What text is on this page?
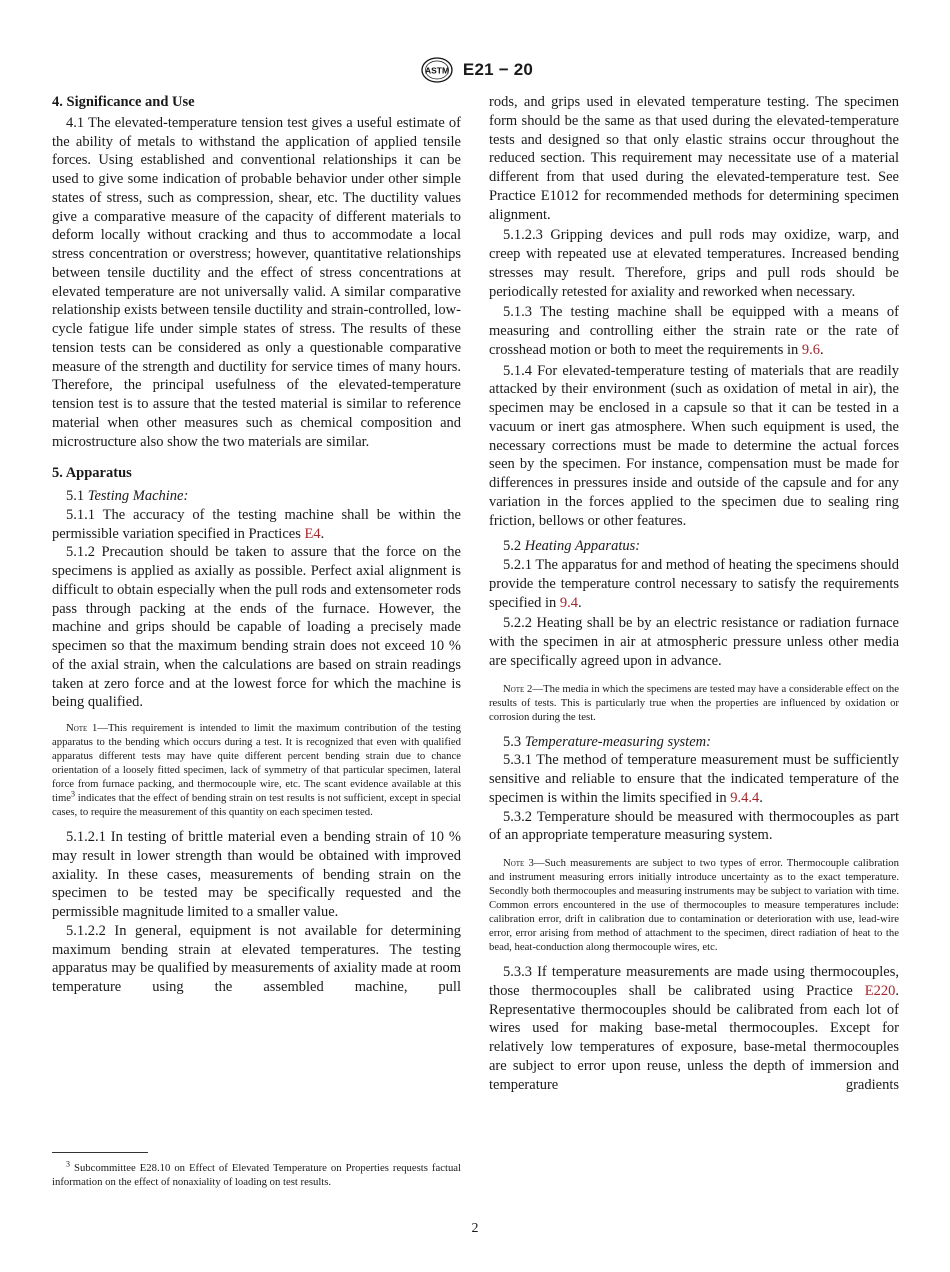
ASTM E21 − 20
4. Significance and Use

4.1 The elevated-temperature tension test gives a useful estimate of the ability of metals to withstand the application of applied tensile forces. Using established and conventional relationships it can be used to give some indication of probable behavior under other simple states of stress, such as compression, shear, etc. The ductility values give a comparative measure of the capacity of different materials to deform locally without cracking and thus to accommodate a local stress concentration or overstress; however, quantitative relationships between tensile ductility and the effect of stress concentrations at elevated temperature are not universally valid. A similar comparative relationship exists between tensile ductility and strain-controlled, low-cycle fatigue life under simple states of stress. The results of these tension tests can be considered as only a questionable comparative measure of the strength and ductility for service times of many hours. Therefore, the principal usefulness of the elevated-temperature tension test is to assure that the tested material is similar to reference material when other measures such as chemical composition and microstructure also show the two materials are similar.

5. Apparatus

5.1 Testing Machine:

5.1.1 The accuracy of the testing machine shall be within the permissible variation specified in Practices E4.

5.1.2 Precaution should be taken to assure that the force on the specimens is applied as axially as possible. Perfect axial alignment is difficult to obtain especially when the pull rods and extensometer rods pass through packing at the ends of the furnace. However, the machine and grips should be capable of loading a precisely made specimen so that the maximum bending strain does not exceed 10 % of the axial strain, when the calculations are based on strain readings taken at zero force and at the lowest force for which the machine is being qualified.

Note 1—This requirement is intended to limit the maximum contribution of the testing apparatus to the bending which occurs during a test. It is recognized that even with qualified apparatus different tests may have quite different percent bending strain due to chance orientation of a loosely fitted specimen, lack of symmetry of that particular specimen, lateral force from furnace packing, and thermocouple wire, etc. The scant evidence available at this time$^3$ indicates that the effect of bending strain on test results is not sufficient, except in special cases, to require the measurement of this quantity on each specimen tested.

5.1.2.1 In testing of brittle material even a bending strain of 10 % may result in lower strength than would be obtained with improved axiality. In these cases, measurements of bending strain on the specimen to be tested may be specifically requested and the permissible magnitude limited to a smaller value.

5.1.2.2 In general, equipment is not available for determining maximum bending strain at elevated temperatures. The testing apparatus may be qualified by measurements of axiality made at room temperature using the assembled machine, pull

$^3$ Subcommittee E28.10 on Effect of Elevated Temperature on Properties requests factual information on the effect of nonaxiality of loading on test results.

rods, and grips used in elevated temperature testing. The specimen form should be the same as that used during the elevated-temperature tests and designed so that only elastic strains occur throughout the reduced section. This requirement may necessitate use of a material different from that used during the elevated-temperature test. See Practice E1012 for recommended methods for determining specimen alignment.

5.1.2.3 Gripping devices and pull rods may oxidize, warp, and creep with repeated use at elevated temperatures. Increased bending stresses may result. Therefore, grips and pull rods should be periodically retested for axiality and reworked when necessary.

5.1.3 The testing machine shall be equipped with a means of measuring and controlling either the strain rate or the rate of crosshead motion or both to meet the requirements in 9.6.

5.1.4 For elevated-temperature testing of materials that are readily attacked by their environment (such as oxidation of metal in air), the specimen may be enclosed in a capsule so that it can be tested in a vacuum or inert gas atmosphere. When such equipment is used, the necessary corrections must be made to determine the actual forces seen by the specimen. For instance, compensation must be made for differences in pressures inside and outside of the capsule and for any variation in the forces applied to the specimen due to sealing ring friction, bellows or other features.

5.2 Heating Apparatus:

5.2.1 The apparatus for and method of heating the specimens should provide the temperature control necessary to satisfy the requirements specified in 9.4.

5.2.2 Heating shall be by an electric resistance or radiation furnace with the specimen in air at atmospheric pressure unless other media are specifically agreed upon in advance.

Note 2—The media in which the specimens are tested may have a considerable effect on the results of tests. This is particularly true when the properties are influenced by oxidation or corrosion during the test.

5.3 Temperature-measuring system:

5.3.1 The method of temperature measurement must be sufficiently sensitive and reliable to ensure that the indicated temperature of the specimen is within the limits specified in 9.4.4.

5.3.2 Temperature should be measured with thermocouples as part of an appropriate temperature measuring system.

Note 3—Such measurements are subject to two types of error. Thermocouple calibration and instrument measuring errors initially introduce uncertainty as to the exact temperature. Secondly both thermocouples and measuring instruments may be subject to variation with time. Common errors encountered in the use of thermocouples to measure temperatures include: calibration error, drift in calibration due to contamination or deterioration with use, lead-wire error, error arising from method of attachment to the specimen, direct radiation of heat to the bead, heat-conduction along thermocouple wires, etc.

5.3.3 If temperature measurements are made using thermocouples, those thermocouples shall be calibrated using Practice E220. Representative thermocouples should be calibrated from each lot of wires used for making base-metal thermocouples. Except for relatively low temperatures of exposure, base-metal thermocouples are subject to error upon reuse, unless the depth of immersion and temperature gradients

2
